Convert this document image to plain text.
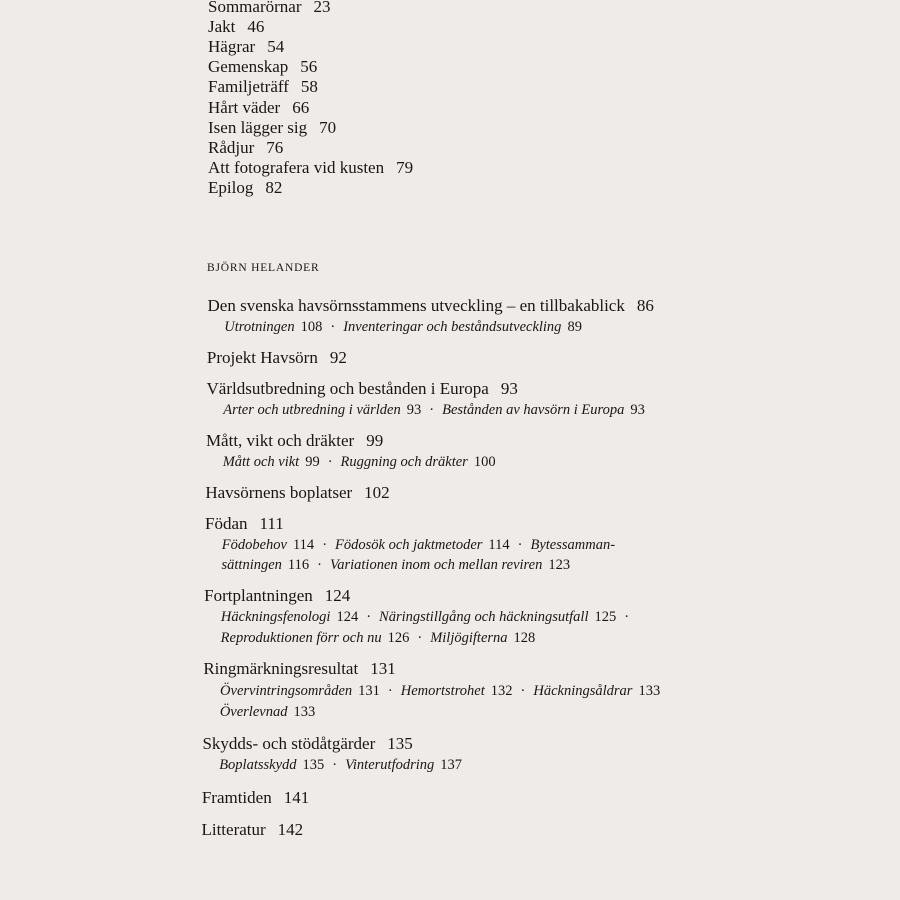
Sommarörnar 23
Jakt 46
Hägrar 54
Gemenskap 56
Familjeträff 58
Hårt väder 66
Isen lägger sig 70
Rådjur 76
Att fotografera vid kusten 79
Epilog 82
BJÖRN HELANDER
Den svenska havsörnsstammens utveckling – en tillbakablick 86
Utrotningen 108 · Inventeringar och beståndsutveckling 89
Projekt Havsörn 92
Världsutbredning och bestånden i Europa 93
Arter och utbredning i världen 93 · Bestånden av havsörn i Europa 93
Mått, vikt och dräkter 99
Mått och vikt 99 · Ruggning och dräkter 100
Havsörnens boplatser 102
Födan 111
Födobehov 114 · Födosök och jaktmetoder 114 · Bytessamman-
sättningen 116 · Variationen inom och mellan reviren 123
Fortplantningen 124
Häckningsfenologi 124 · Näringstillgång och häckningsutfall 125 ·
Reproduktionen förr och nu 126 · Miljögifterna 128
Ringmärkningsresultat 131
Övervintringsområden 131 · Hemortstrohet 132 · Häckningsåldrar 133
Överlevnad 133
Skydds- och stödåtgärder 135
Boplatsskydd 135 · Vinterutfodring 137
Framtiden 141
Litteratur 142
